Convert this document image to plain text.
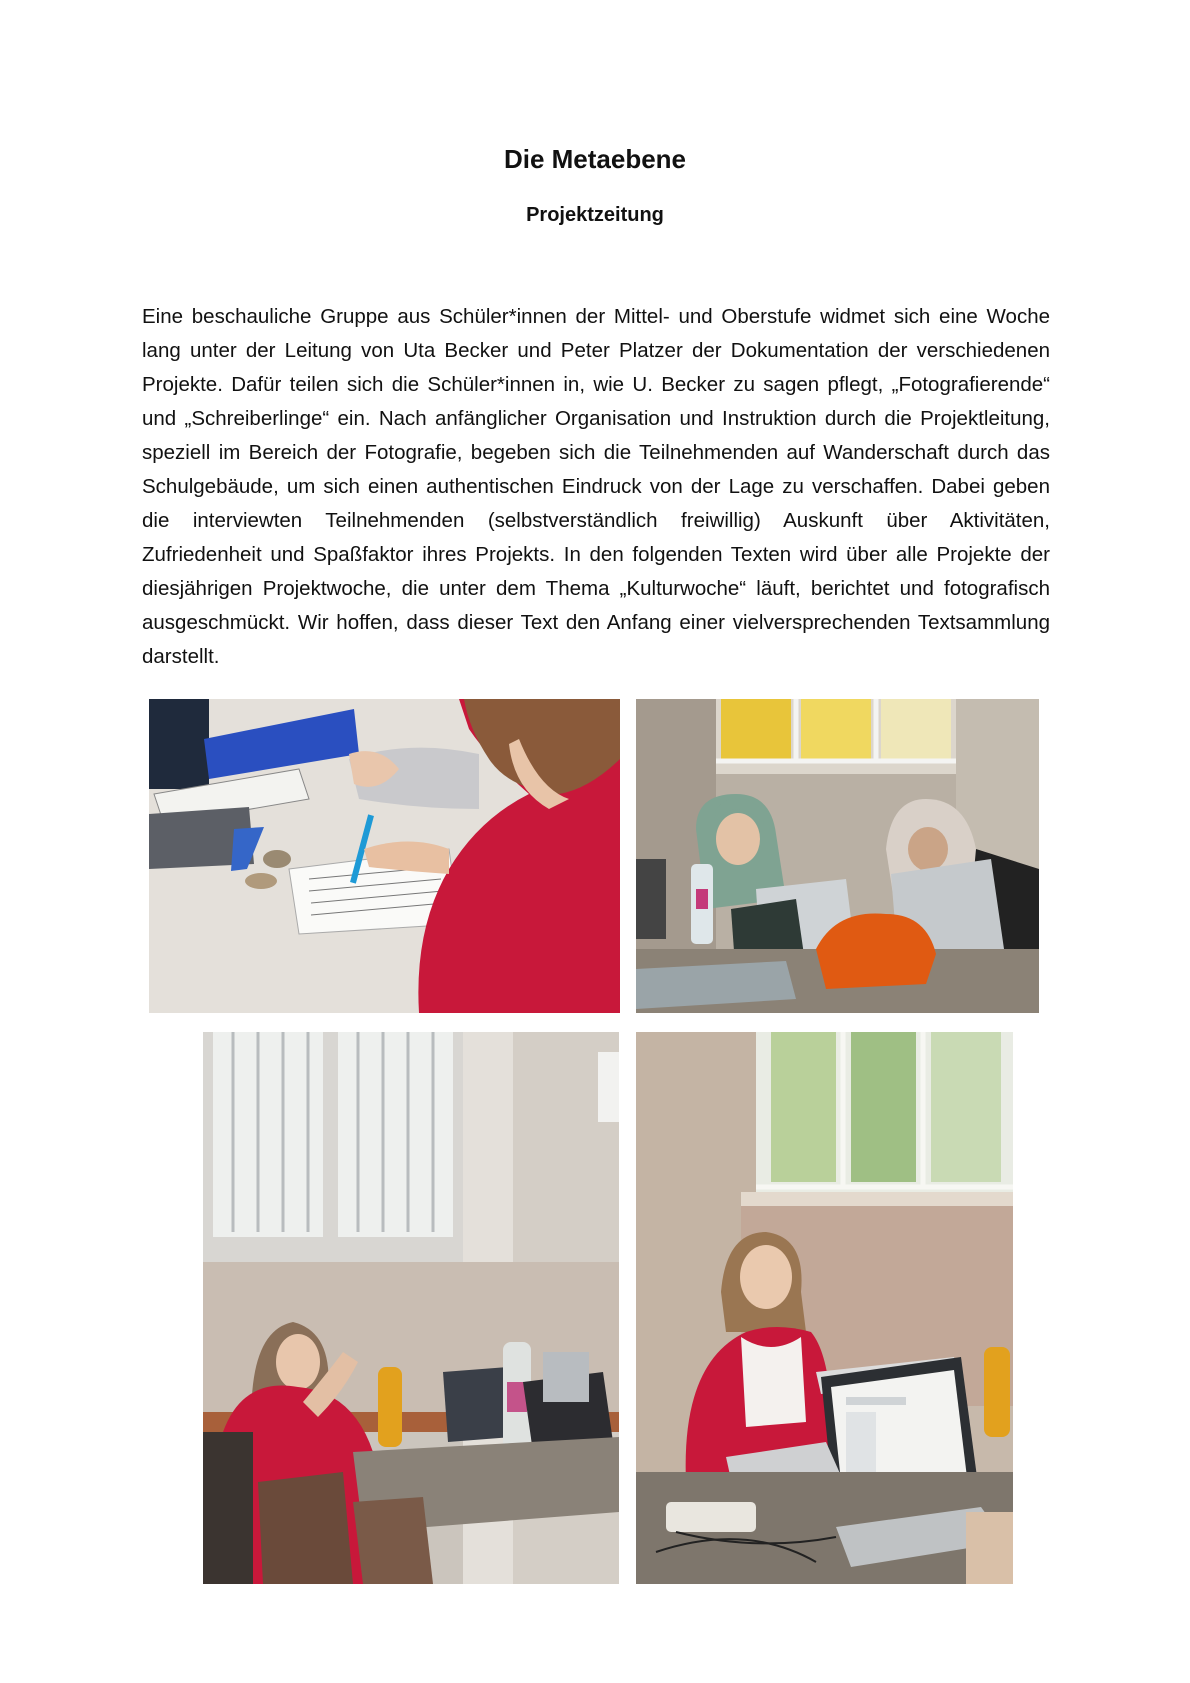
Die Metaebene
Projektzeitung

Eine beschauliche Gruppe aus Schüler*innen der Mittel- und Oberstufe widmet sich eine Woche lang unter der Leitung von Uta Becker und Peter Platzer der Dokumentation der verschiedenen Projekte. Dafür teilen sich die Schüler*innen in, wie U. Becker zu sagen pflegt, „Fotografierende“ und „Schreiberlinge“ ein. Nach anfänglicher Organisation und Instruktion durch die Projektleitung, speziell im Bereich der Fotografie, begeben sich die Teilnehmenden auf Wanderschaft durch das Schulgebäude, um sich einen authentischen Eindruck von der Lage zu verschaffen. Dabei geben die interviewten Teilnehmenden (selbstverständlich freiwillig) Auskunft über Aktivitäten, Zufriedenheit und Spaßfaktor ihres Projekts. In den folgenden Texten wird über alle Projekte der diesjährigen Projektwoche, die unter dem Thema „Kulturwoche“ läuft, berichtet und fotografisch ausgeschmückt. Wir hoffen, dass dieser Text den Anfang einer vielversprechenden Textsammlung darstellt.
